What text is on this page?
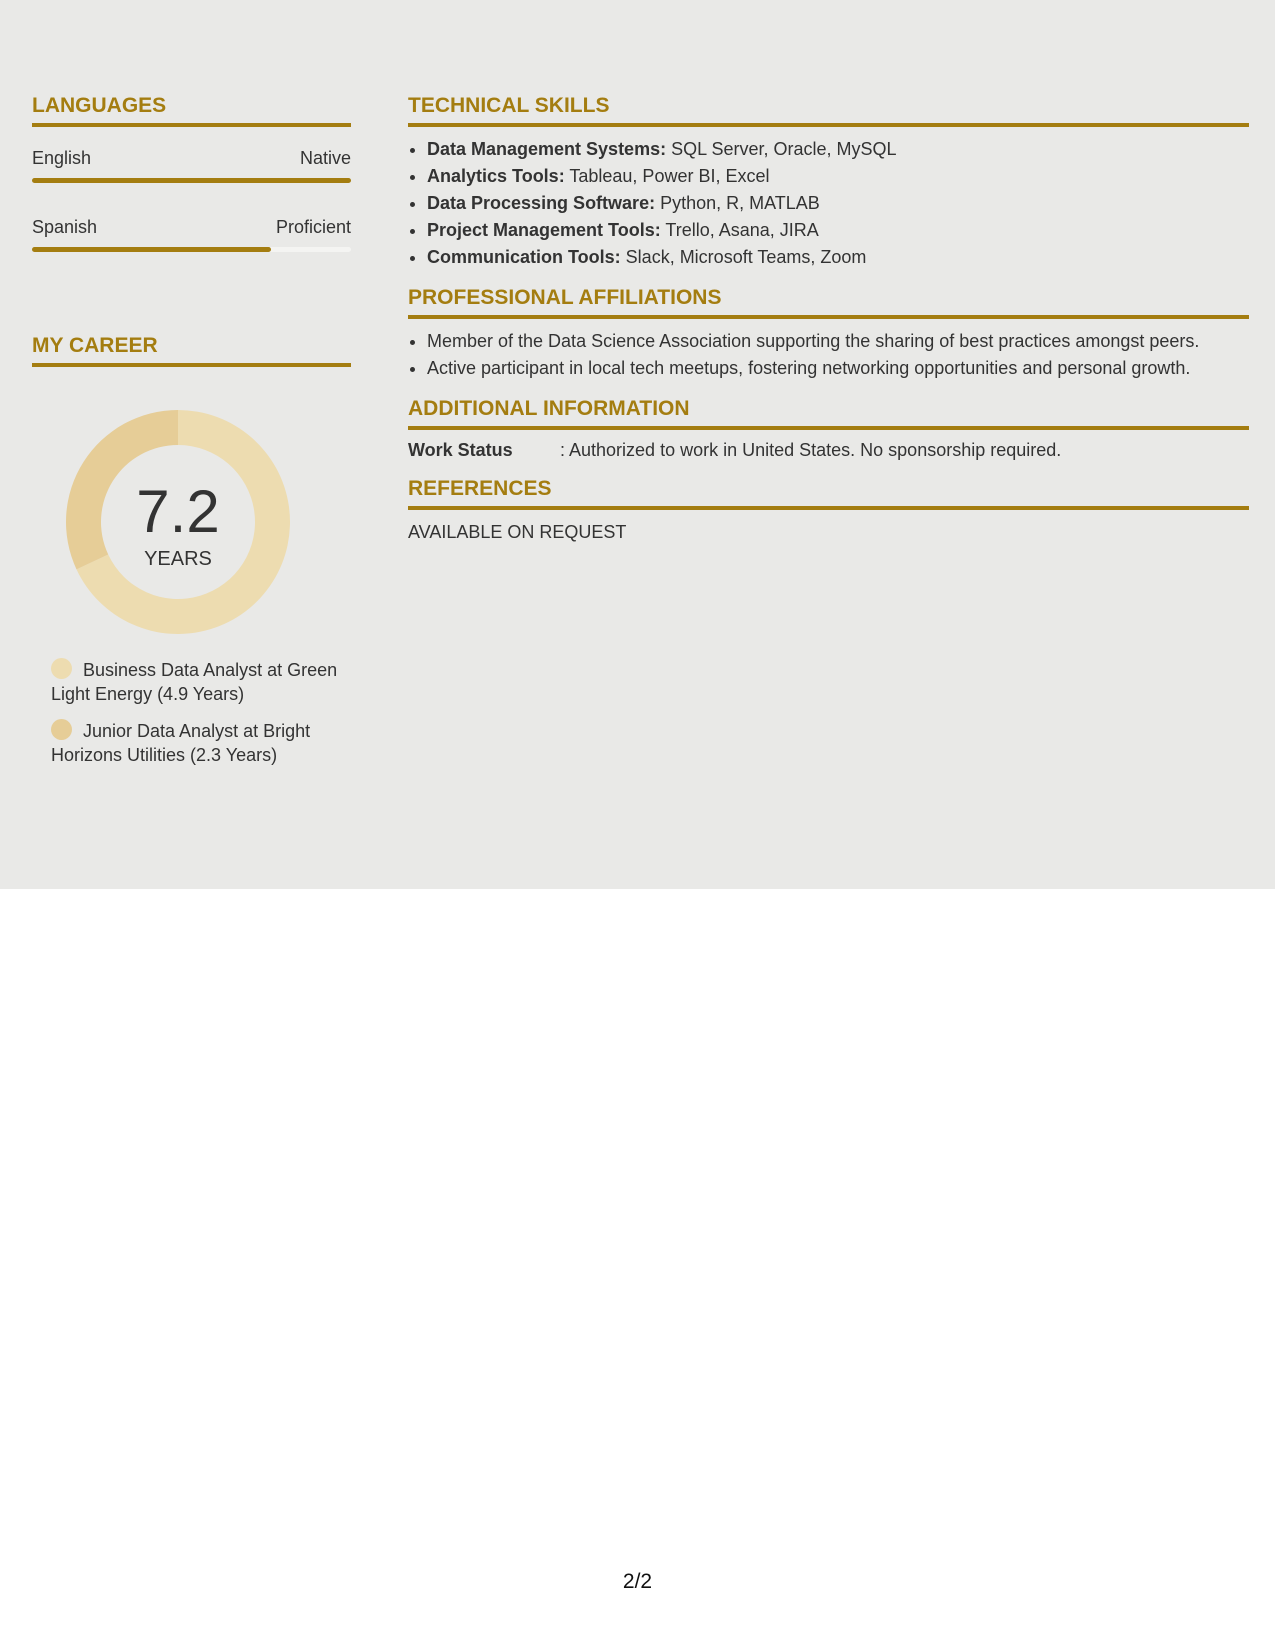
LANGUAGES
English	Native
Spanish	Proficient
MY CAREER
7.2
YEARS
Business Data Analyst at Green Light Energy (4.9 Years)
Junior Data Analyst at Bright Horizons Utilities (2.3 Years)
TECHNICAL SKILLS
• Data Management Systems: SQL Server, Oracle, MySQL
• Analytics Tools: Tableau, Power BI, Excel
• Data Processing Software: Python, R, MATLAB
• Project Management Tools: Trello, Asana, JIRA
• Communication Tools: Slack, Microsoft Teams, Zoom
PROFESSIONAL AFFILIATIONS
• Member of the Data Science Association supporting the sharing of best practices amongst peers.
• Active participant in local tech meetups, fostering networking opportunities and personal growth.
ADDITIONAL INFORMATION
Work Status	: Authorized to work in United States. No sponsorship required.
REFERENCES
AVAILABLE ON REQUEST
2/2
